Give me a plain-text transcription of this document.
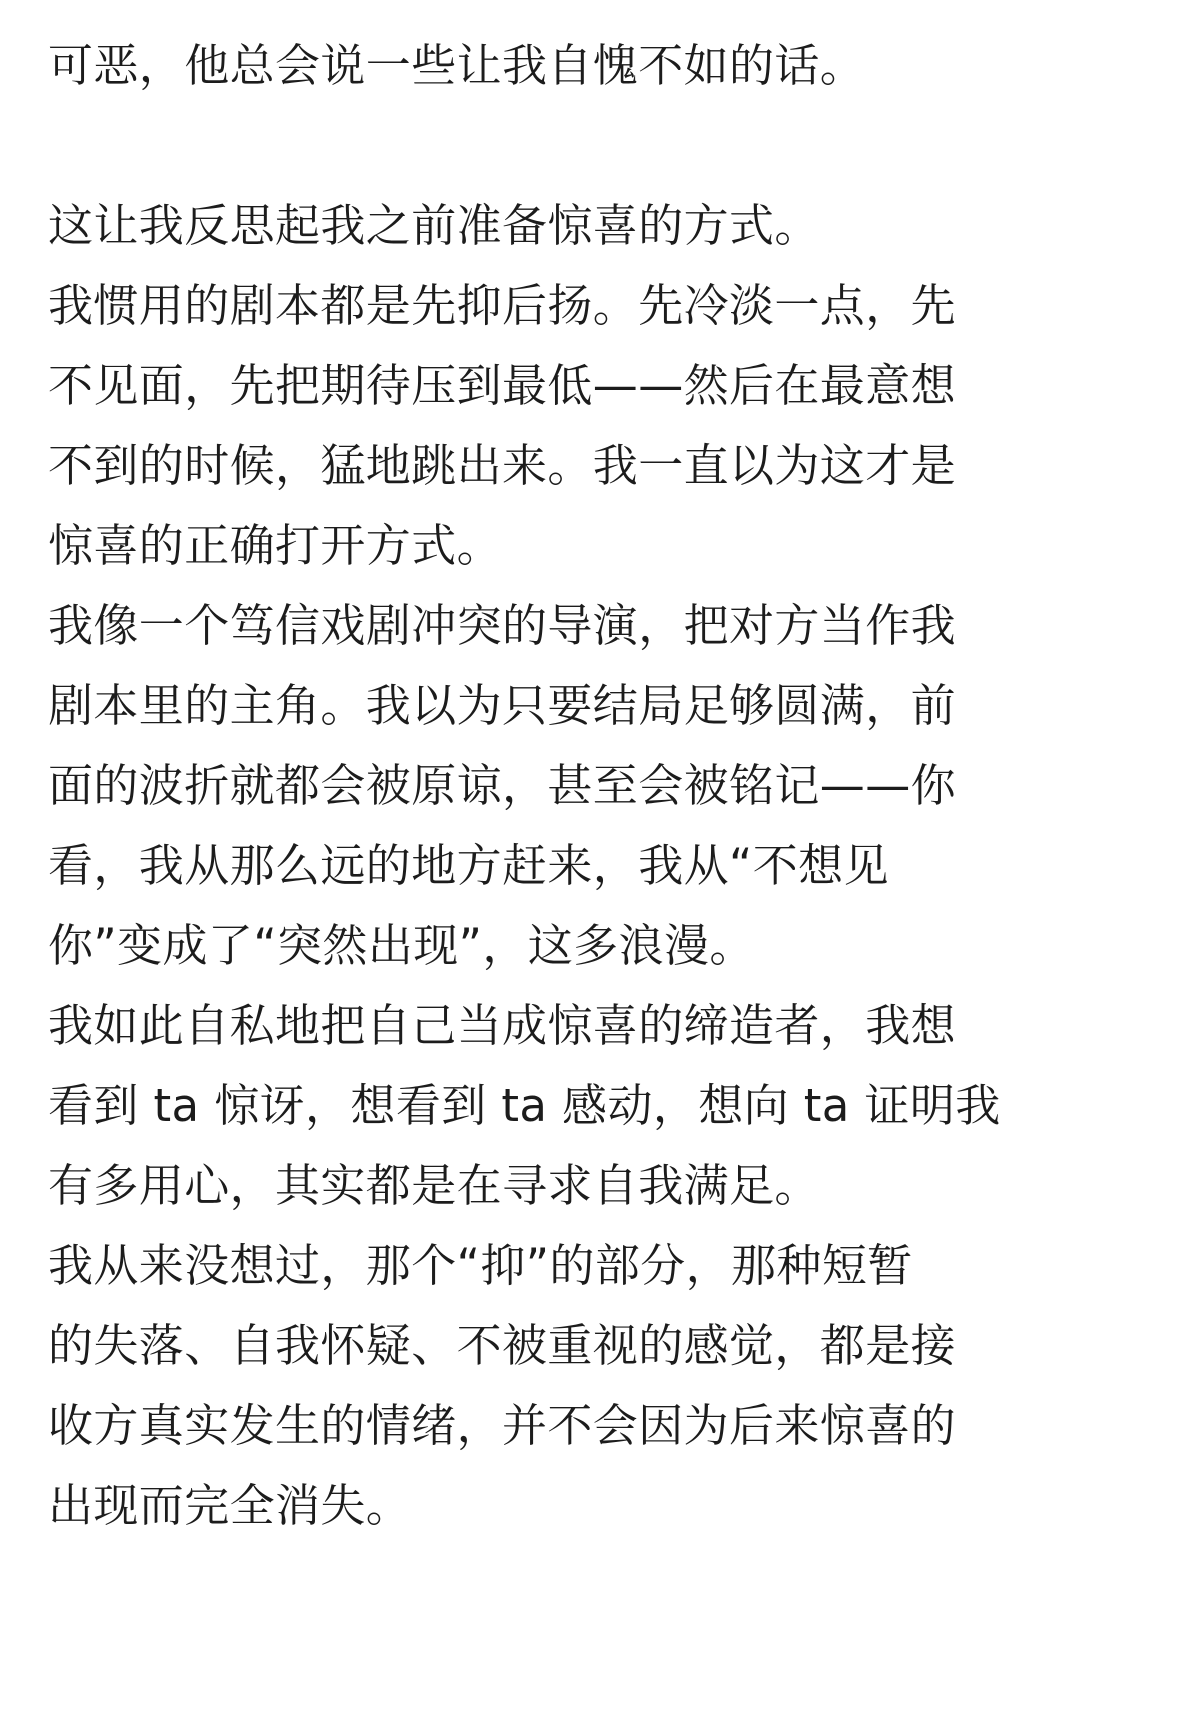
可恶，他总会说一些让我自愧不如的话。
这让我反思起我之前准备惊喜的方式。
我惯用的剧本都是先抑后扬。先冷淡一点，先
不见面，先把期待压到最低——然后在最意想
不到的时候，猛地跳出来。我一直以为这才是
惊喜的正确打开方式。
我像一个笃信戏剧冲突的导演，把对方当作我
剧本里的主角。我以为只要结局足够圆满，前
面的波折就都会被原谅，甚至会被铭记——你
看，我从那么远的地方赶来，我从“不想见
你”变成了“突然出现”，这多浪漫。
我如此自私地把自己当成惊喜的缔造者，我想
看到 ta 惊讶，想看到 ta 感动，想向 ta 证明我
有多用心，其实都是在寻求自我满足。
我从来没想过，那个“抑”的部分，那种短暂
的失落、自我怀疑、不被重视的感觉，都是接
收方真实发生的情绪，并不会因为后来惊喜的
出现而完全消失。
